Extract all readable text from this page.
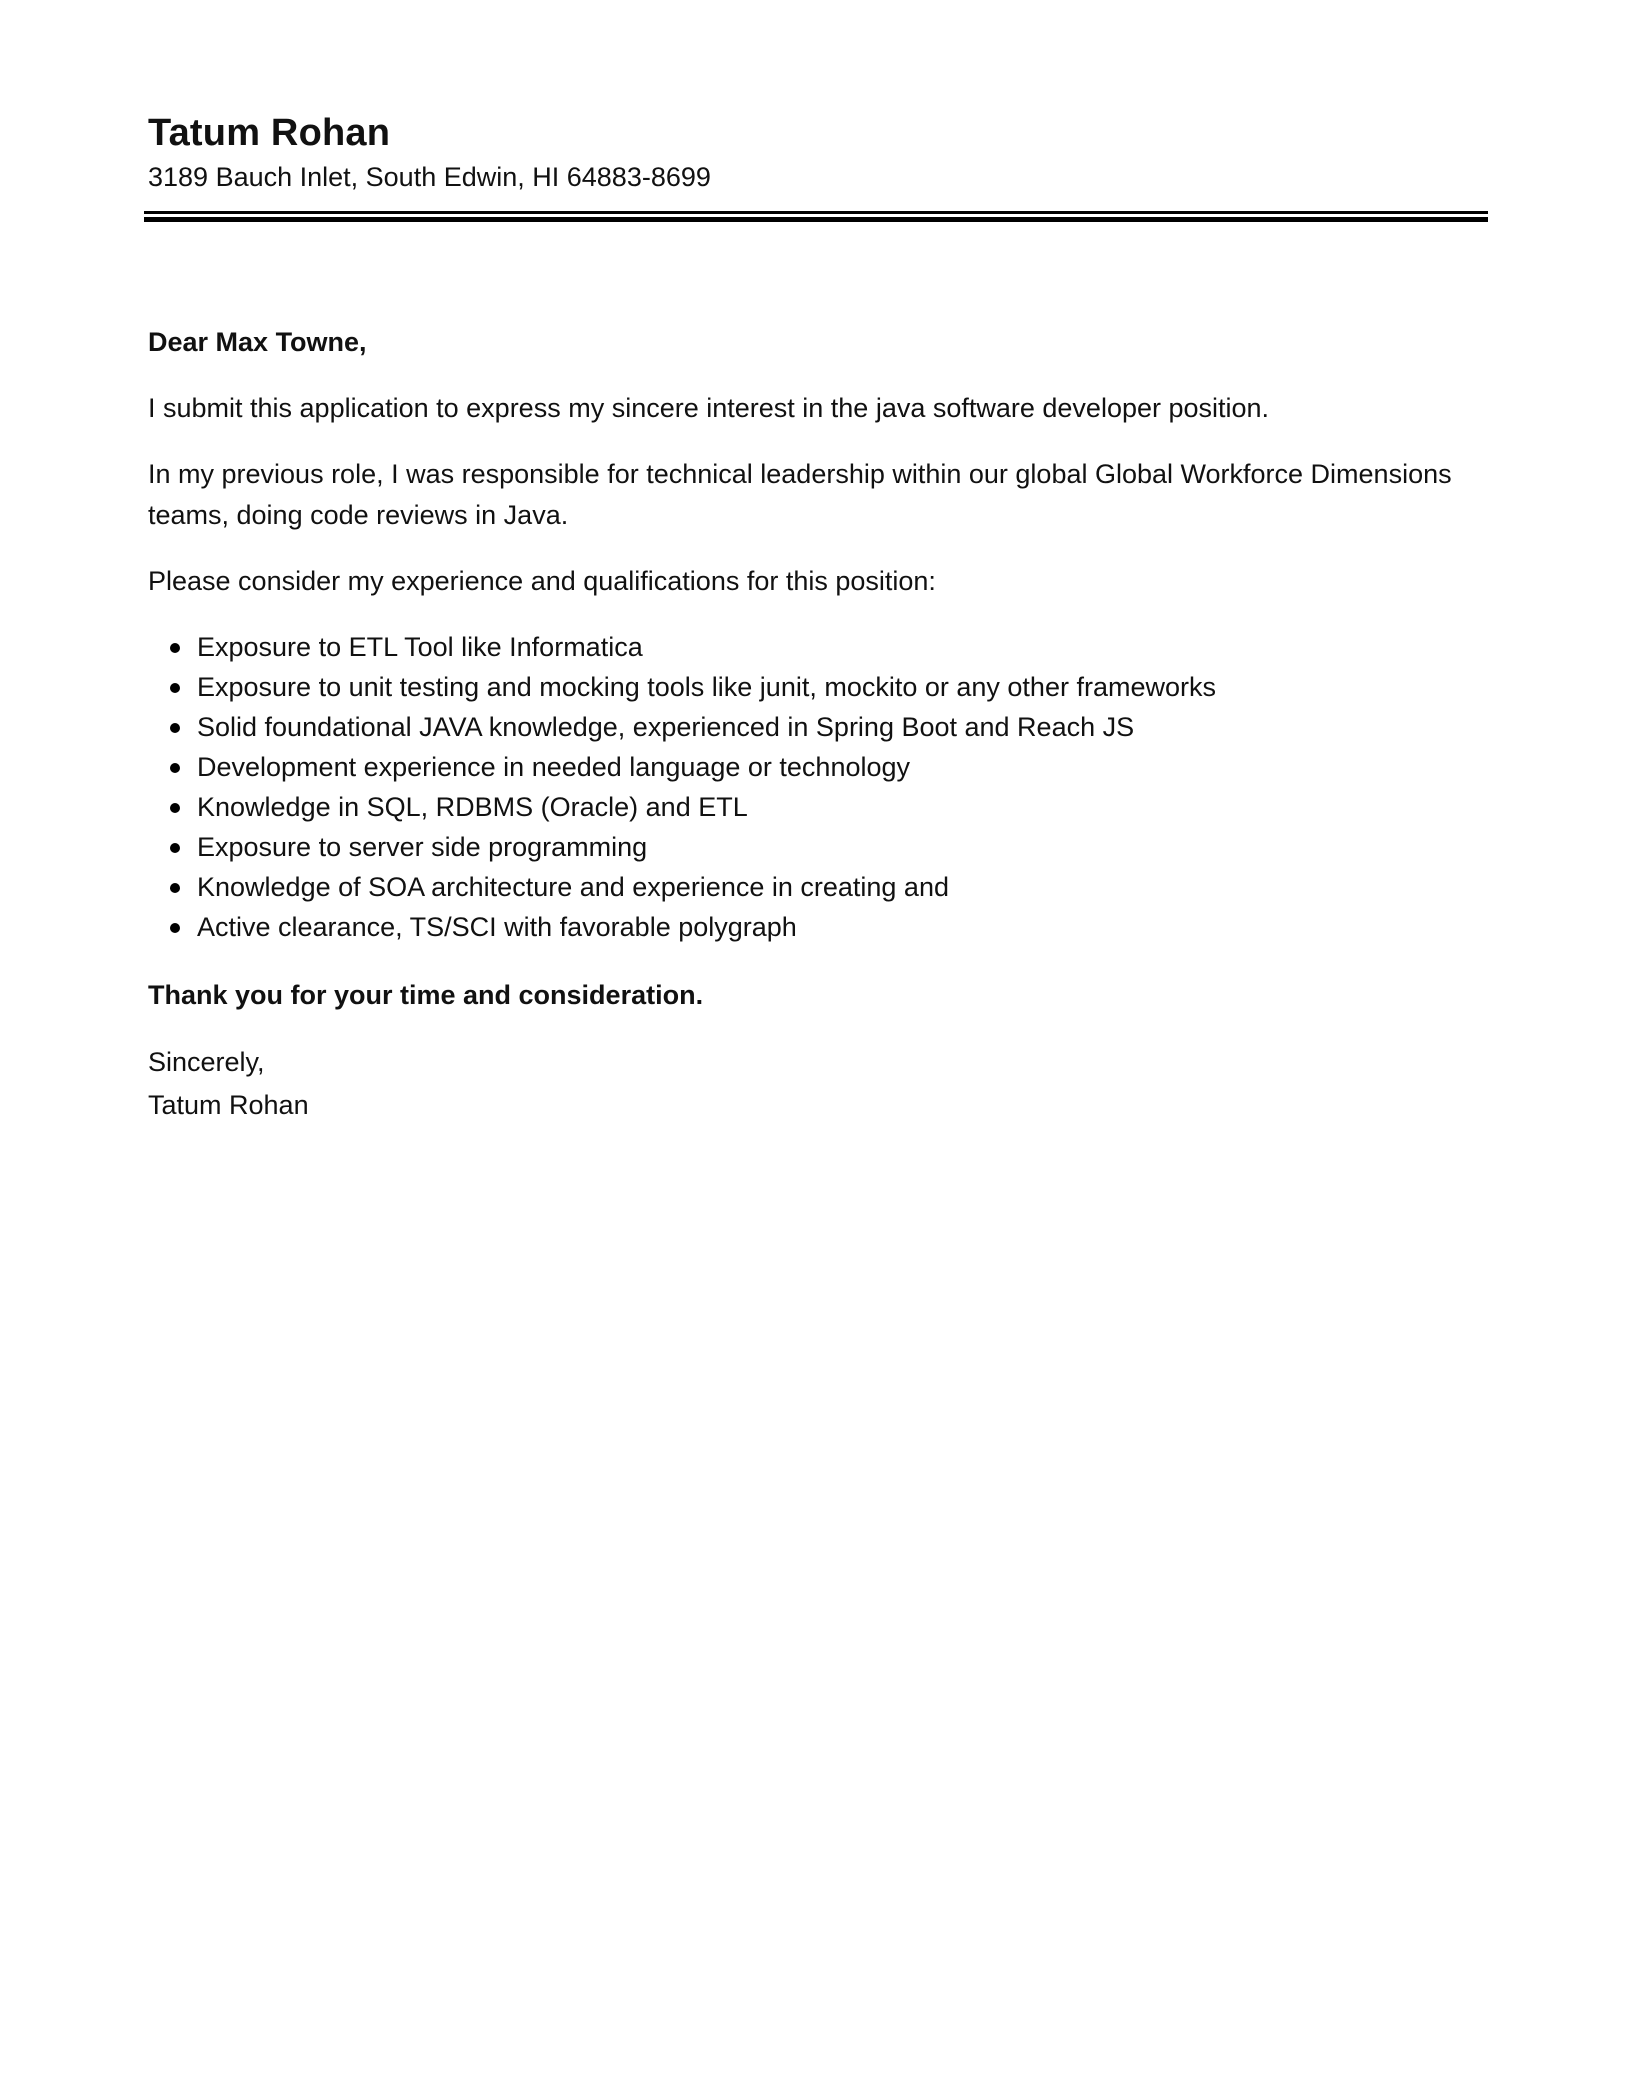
Tatum Rohan

3189 Bauch Inlet, South Edwin, HI 64883-8699

Dear Max Towne,

I submit this application to express my sincere interest in the java software developer position.

In my previous role, I was responsible for technical leadership within our global Global Workforce Dimensions teams, doing code reviews in Java.

Please consider my experience and qualifications for this position:

Exposure to ETL Tool like Informatica
Exposure to unit testing and mocking tools like junit, mockito or any other frameworks
Solid foundational JAVA knowledge, experienced in Spring Boot and Reach JS
Development experience in needed language or technology
Knowledge in SQL, RDBMS (Oracle) and ETL
Exposure to server side programming
Knowledge of SOA architecture and experience in creating and
Active clearance, TS/SCI with favorable polygraph

Thank you for your time and consideration.

Sincerely,
Tatum Rohan
